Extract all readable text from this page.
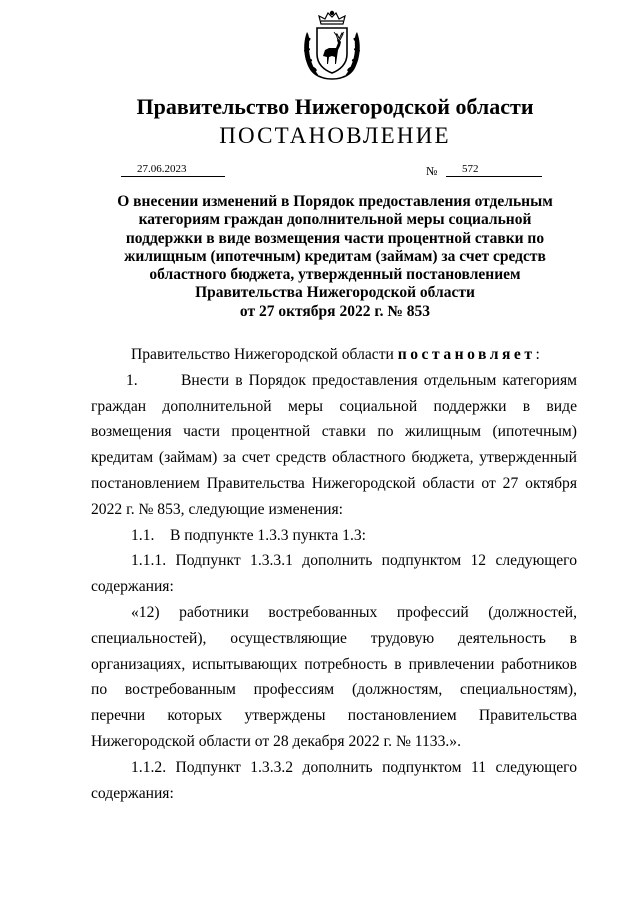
Правительство Нижегородской области
ПОСТАНОВЛЕНИЕ
27.06.2023	№ 572
О внесении изменений в Порядок предоставления отдельным
категориям граждан дополнительной меры социальной
поддержки в виде возмещения части процентной ставки по
жилищным (ипотечным) кредитам (займам) за счет средств
областного бюджета, утвержденный постановлением
Правительства Нижегородской области
от 27 октября 2022 г. № 853

Правительство Нижегородской области постановляет:

1.	Внести в Порядок предоставления отдельным категориям граждан дополнительной меры социальной поддержки в виде возмещения части процентной ставки по жилищным (ипотечным) кредитам (займам) за счет средств областного бюджета, утвержденный постановлением Правительства Нижегородской области от 27 октября 2022 г. № 853, следующие изменения:

1.1.    В подпункте 1.3.3 пункта 1.3:

1.1.1. Подпункт 1.3.3.1 дополнить подпунктом 12 следующего содержания:

«12) работники востребованных профессий (должностей, специальностей), осуществляющие трудовую деятельность в организациях, испытывающих потребность в привлечении работников по востребованным профессиям (должностям, специальностям), перечни которых утверждены постановлением Правительства Нижегородской области от 28 декабря 2022 г. № 1133.».

1.1.2. Подпункт 1.3.3.2 дополнить подпунктом 11 следующего содержания:
